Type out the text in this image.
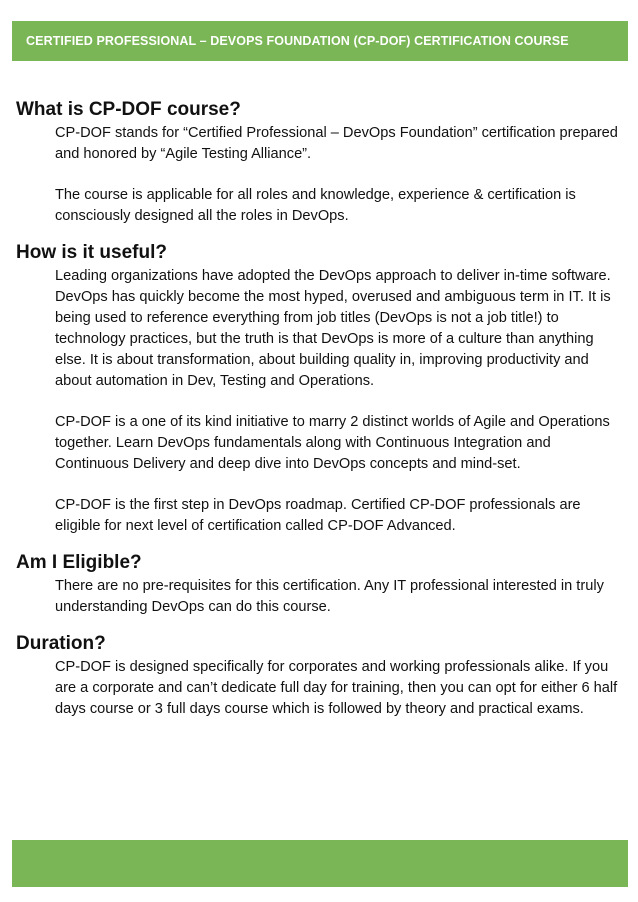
CERTIFIED PROFESSIONAL – DEVOPS FOUNDATION (CP-DOF) CERTIFICATION COURSE
What is CP-DOF course?

CP-DOF stands for “Certified Professional – DevOps Foundation” certification prepared and honored by “Agile Testing Alliance”.

The course is applicable for all roles and knowledge, experience & certification is consciously designed all the roles in DevOps.

How is it useful?

Leading organizations have adopted the DevOps approach to deliver in-time software. DevOps has quickly become the most hyped, overused and ambiguous term in IT. It is being used to reference everything from job titles (DevOps is not a job title!) to technology practices, but the truth is that DevOps is more of a culture than anything else. It is about transformation, about building quality in, improving productivity and about automation in Dev, Testing and Operations.

CP-DOF is a one of its kind initiative to marry 2 distinct worlds of Agile and Operations together. Learn DevOps fundamentals along with Continuous Integration and Continuous Delivery and deep dive into DevOps concepts and mind-set.

CP-DOF is the first step in DevOps roadmap. Certified CP-DOF professionals are eligible for next level of certification called CP-DOF Advanced.

Am I Eligible?

There are no pre-requisites for this certification. Any IT professional interested in truly understanding DevOps can do this course.

Duration?

CP-DOF is designed specifically for corporates and working professionals alike. If you are a corporate and can’t dedicate full day for training, then you can opt for either 6 half days course or 3 full days course which is followed by theory and practical exams.
